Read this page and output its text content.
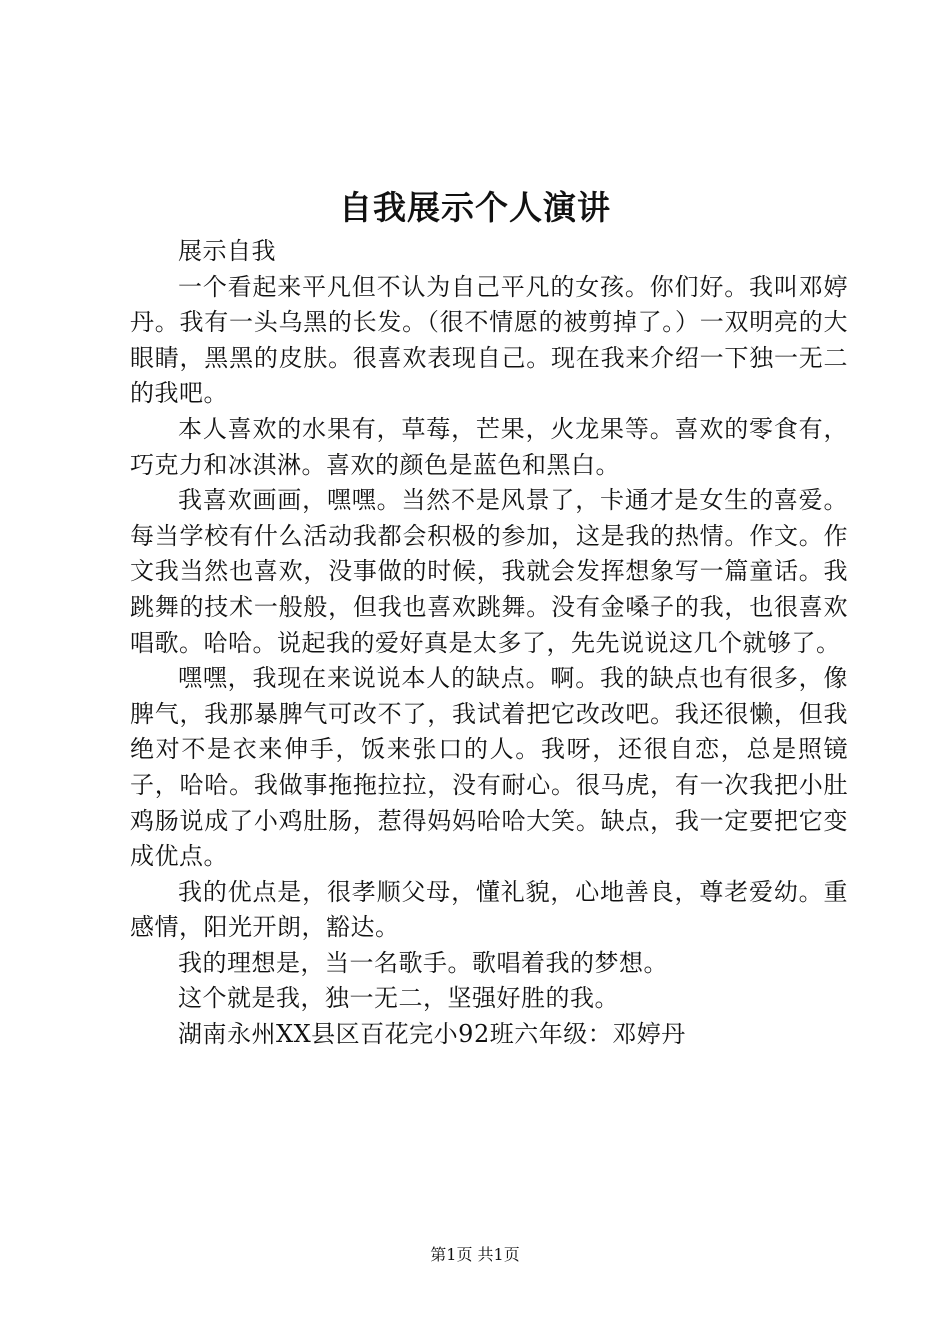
自我展示个人演讲

展示自我

一个看起来平凡但不认为自己平凡的女孩。你们好。我叫邓婷丹。我有一头乌黑的长发。（很不情愿的被剪掉了。）一双明亮的大眼睛，黑黑的皮肤。很喜欢表现自己。现在我来介绍一下独一无二的我吧。

本人喜欢的水果有，草莓，芒果，火龙果等。喜欢的零食有，巧克力和冰淇淋。喜欢的颜色是蓝色和黑白。

我喜欢画画，嘿嘿。当然不是风景了，卡通才是女生的喜爱。每当学校有什么活动我都会积极的参加，这是我的热情。作文。作文我当然也喜欢，没事做的时候，我就会发挥想象写一篇童话。我跳舞的技术一般般，但我也喜欢跳舞。没有金嗓子的我，也很喜欢唱歌。哈哈。说起我的爱好真是太多了，先先说说这几个就够了。

嘿嘿，我现在来说说本人的缺点。啊。我的缺点也有很多，像脾气，我那暴脾气可改不了，我试着把它改改吧。我还很懒，但我绝对不是衣来伸手，饭来张口的人。我呀，还很自恋，总是照镜子，哈哈。我做事拖拖拉拉，没有耐心。很马虎，有一次我把小肚鸡肠说成了小鸡肚肠，惹得妈妈哈哈大笑。缺点，我一定要把它变成优点。

我的优点是，很孝顺父母，懂礼貌，心地善良，尊老爱幼。重感情，阳光开朗，豁达。

我的理想是，当一名歌手。歌唱着我的梦想。

这个就是我，独一无二，坚强好胜的我。

湖南永州XX县区百花完小92班六年级：邓婷丹

第1页 共1页
